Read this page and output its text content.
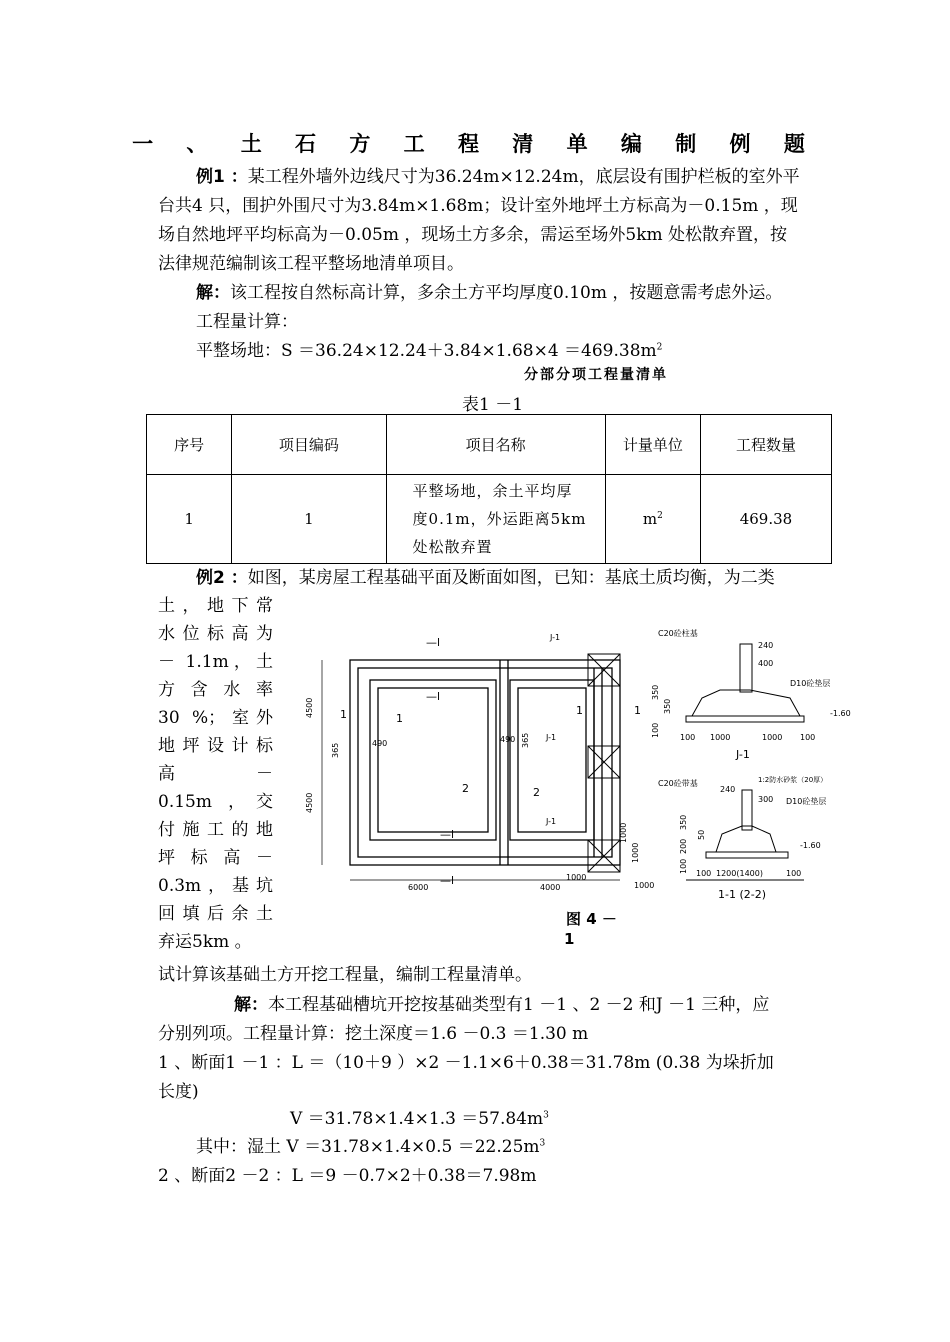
一 、 土 石 方 工 程 清 单 编 制 例 题
例1 ：某工程外墙外边线尺寸为36.24m×12.24m，底层设有围护栏板的室外平
台共4 只，围护外围尺寸为3.84m×1.68m；设计室外地坪土方标高为－0.15m ，现
场自然地坪平均标高为－0.05m ，现场土方多余，需运至场外5km 处松散弃置，按
法律规范编制该工程平整场地清单项目。
解：该工程按自然标高计算，多余土方平均厚度0.10m ，按题意需考虑外运。
工程量计算：
平整场地：$S =36.24\times 12.24+3.84\times 1.68\times 4 =469.38m^2$
分部分项工程量清单
表1 －1
序号	项目编码	项目名称	计量单位	工程数量
1	1	平整场地，余土平均厚
度0.1m，外运距离5km
处松散弃置	$m^2$	469.38
例2 ：如图，某房屋工程基础平面及断面如图，已知：基底土质均衡，为二类
土，地下常
水位标高为
－ 1.1m，土
方含水率
30 %；室外
地坪设计标
高 －
0.15m ，交
付施工的地
坪标高－
0.3m，基坑
回填后余土
弃运5km 。
4500
4500
6000	4000
365
365
490	490
J-1
J-1
J-1
1	1
1
1
2	2
—l
—l
—l
—l
1000
1000
1000
1000
C20砼柱基
D10砼垫层
240
400
350
350
100	100 1000	1000 100
J-1
-1.60
C20砼带基	1:2防水砂浆（20厚）
240
300 D10砼垫层
350
50
200
100	1200(1400)
100	100
-1.60
1-1 (2-2)
图 4 －
1
试计算该基础土方开挖工程量，编制工程量清单。
解：本工程基础槽坑开挖按基础类型有1 －1 、2 －2 和J －1 三种，应
分别列项。工程量计算：挖土深度＝1.6 －0.3 ＝1.30 m
1 、断面1 －1 ：L ＝（10＋9 ）×2 －1.1×6＋0.38＝31.78m (0.38 为垛折加
长度)
$V =31.78\times 1.4\times 1.3 =57.84m^3$
其中：湿土 $V =31.78\times 1.4\times 0.5 =22.25m^3$
2 、断面2 －2 ：L ＝9 －0.7×2＋0.38＝7.98m
